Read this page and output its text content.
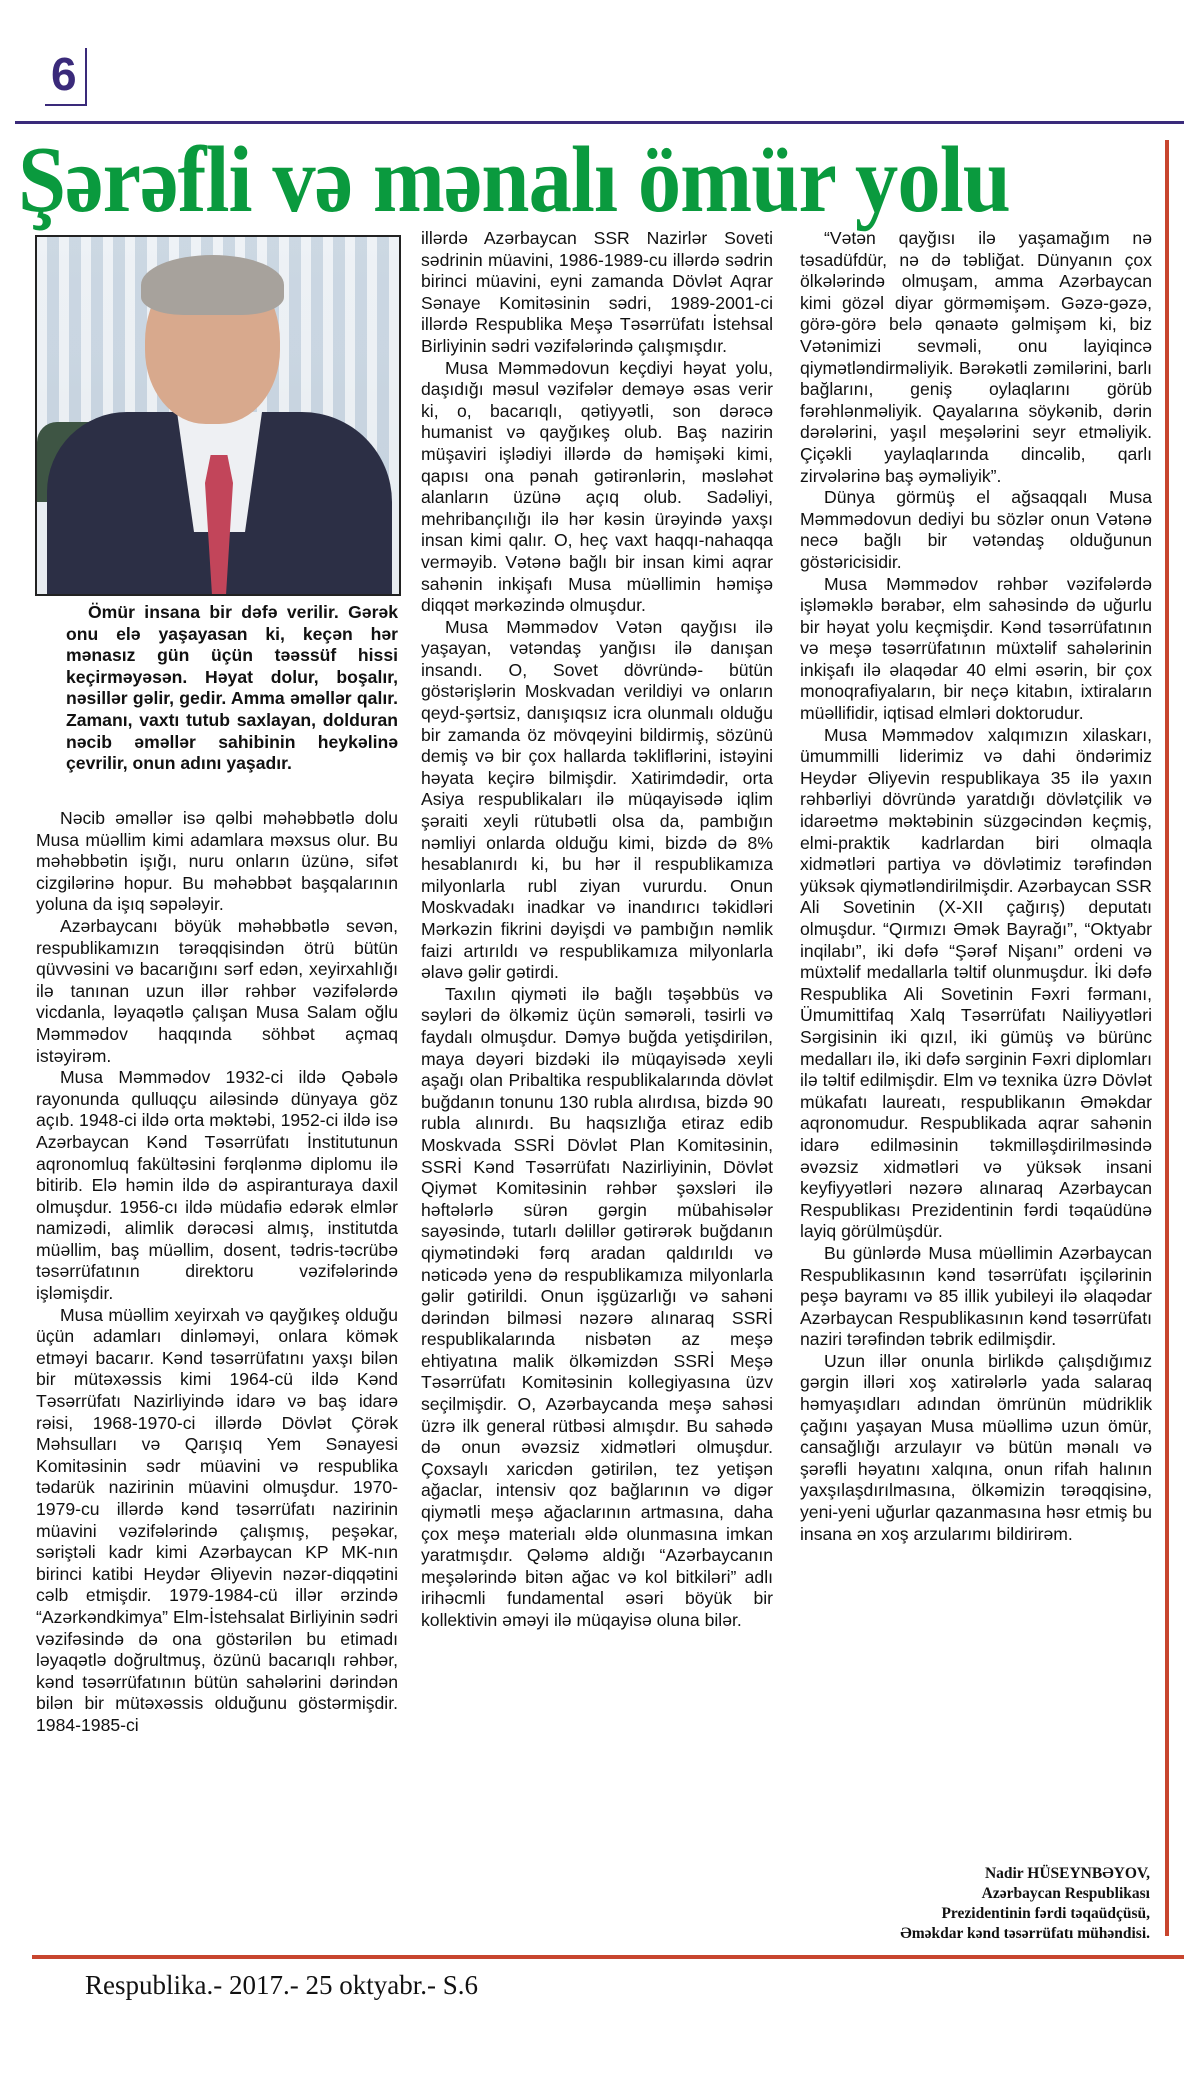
6
Şərəfli və mənalı ömür yolu

Ömür insana bir dəfə verilir. Gərək onu elə yaşayasan ki, keçən hər mənasız gün üçün təəssüf hissi keçirməyəsən. Həyat dolur, boşalır, nəsillər gəlir, gedir. Amma əməllər qalır. Zamanı, vaxtı tutub saxlayan, dolduran nəcib əməllər sahibinin heykəlinə çevrilir, onun adını yaşadır.

Nəcib əməllər isə qəlbi məhəbbətlə dolu Musa müəllim kimi adamlara məxsus olur. Bu məhəbbətin işığı, nuru onların üzünə, sifət cizgilərinə hopur. Bu məhəbbət başqalarının yoluna da işıq səpələyir.

Azərbaycanı böyük məhəbbətlə sevən, respublikamızın tərəqqisindən ötrü bütün qüvvəsini və bacarığını sərf edən, xeyirxahlığı ilə tanınan uzun illər rəhbər vəzifələrdə vicdanla, ləyaqətlə çalışan Musa Salam oğlu Məmmədov haqqında söhbət açmaq istəyirəm.

Musa Məmmədov 1932-ci ildə Qəbələ rayonunda qulluqçu ailəsində dünyaya göz açıb. 1948-ci ildə orta məktəbi, 1952-ci ildə isə Azərbaycan Kənd Təsərrüfatı İnstitutunun aqronomluq fakültəsini fərqlənmə diplomu ilə bitirib. Elə həmin ildə də aspiranturaya daxil olmuşdur. 1956-cı ildə müdafiə edərək elmlər namizədi, alimlik dərəcəsi almış, institutda müəllim, baş müəllim, dosent, tədris-təcrübə təsərrüfatının direktoru vəzifələrində işləmişdir.

Musa müəllim xeyirxah və qayğıkeş olduğu üçün adamları dinləməyi, onlara kömək etməyi bacarır. Kənd təsərrüfatını yaxşı bilən bir mütəxəssis kimi 1964-cü ildə Kənd Təsərrüfatı Nazirliyində idarə və baş idarə rəisi, 1968-1970-ci illərdə Dövlət Çörək Məhsulları və Qarışıq Yem Sənayesi Komitəsinin sədr müavini və respublika tədarük nazirinin müavini olmuşdur. 1970-1979-cu illərdə kənd təsərrüfatı nazirinin müavini vəzifələrində çalışmış, peşəkar, səriştəli kadr kimi Azərbaycan KP MK-nın birinci katibi Heydər Əliyevin nəzər-diqqətini cəlb etmişdir. 1979-1984-cü illər ərzində “Azərkəndkimya” Elm-İstehsalat Birliyinin sədri vəzifəsində də ona göstərilən bu etimadı ləyaqətlə doğrultmuş, özünü bacarıqlı rəhbər, kənd təsərrüfatının bütün sahələrini dərindən bilən bir mütəxəssis olduğunu göstərmişdir. 1984-1985-ci

illərdə Azərbaycan SSR Nazirlər Soveti sədrinin müavini, 1986-1989-cu illərdə sədrin birinci müavini, eyni zamanda Dövlət Aqrar Sənaye Komitəsinin sədri, 1989-2001-ci illərdə Respublika Meşə Təsərrüfatı İstehsal Birliyinin sədri vəzifələrində çalışmışdır.

Musa Məmmədovun keçdiyi həyat yolu, daşıdığı məsul vəzifələr deməyə əsas verir ki, o, bacarıqlı, qətiyyətli, son dərəcə humanist və qayğıkeş olub. Baş nazirin müşaviri işlədiyi illərdə də həmişəki kimi, qapısı ona pənah gətirənlərin, məsləhət alanların üzünə açıq olub. Sadəliyi, mehribançılığı ilə hər kəsin ürəyində yaxşı insan kimi qalır. O, heç vaxt haqqı-nahaqqa verməyib. Vətənə bağlı bir insan kimi aqrar sahənin inkişafı Musa müəllimin həmişə diqqət mərkəzində olmuşdur.

Musa Məmmədov Vətən qayğısı ilə yaşayan, vətəndaş yanğısı ilə danışan insandı. O, Sovet dövründə- bütün göstərişlərin Moskvadan verildiyi və onların qeyd-şərtsiz, danışıqsız icra olunmalı olduğu bir zamanda öz mövqeyini bildirmiş, sözünü demiş və bir çox hallarda təkliflərini, istəyini həyata keçirə bilmişdir. Xatirimdədir, orta Asiya respublikaları ilə müqayisədə iqlim şəraiti xeyli rütubətli olsa da, pambığın nəmliyi onlarda olduğu kimi, bizdə də 8% hesablanırdı ki, bu hər il respublikamıza milyonlarla rubl ziyan vururdu. Onun Moskvadakı inadkar və inandırıcı təkidləri Mərkəzin fikrini dəyişdi və pambığın nəmlik faizi artırıldı və respublikamıza milyonlarla əlavə gəlir gətirdi.

Taxılın qiyməti ilə bağlı təşəbbüs və səyləri də ölkəmiz üçün səmərəli, təsirli və faydalı olmuşdur. Dəmyə buğda yetişdirilən, maya dəyəri bizdəki ilə müqayisədə xeyli aşağı olan Pribaltika respublikalarında dövlət buğdanın tonunu 130 rubla alırdısa, bizdə 90 rubla alınırdı. Bu haqsızlığa etiraz edib Moskvada SSRİ Dövlət Plan Komitəsinin, SSRİ Kənd Təsərrüfatı Nazirliyinin, Dövlət Qiymət Komitəsinin rəhbər şəxsləri ilə həftələrlə sürən gərgin mübahisələr sayəsində, tutarlı dəlillər gətirərək buğdanın qiymətindəki fərq aradan qaldırıldı və nəticədə yenə də respublikamıza milyonlarla gəlir gətirildi. Onun işgüzarlığı və sahəni dərindən bilməsi nəzərə alınaraq SSRİ respublikalarında nisbətən az meşə ehtiyatına malik ölkəmizdən SSRİ Meşə Təsərrüfatı Komitəsinin kollegiyasına üzv seçilmişdir. O, Azərbaycanda meşə sahəsi üzrə ilk general rütbəsi almışdır. Bu sahədə də onun əvəzsiz xidmətləri olmuşdur. Çoxsaylı xaricdən gətirilən, tez yetişən ağaclar, intensiv qoz bağlarının və digər qiymətli meşə ağaclarının artmasına, daha çox meşə materialı əldə olunmasına imkan yaratmışdır. Qələmə aldığı “Azərbaycanın meşələrində bitən ağac və kol bitkiləri” adlı irihəcmli fundamental əsəri böyük bir kollektivin əməyi ilə müqayisə oluna bilər.

“Vətən qayğısı ilə yaşamağım nə təsadüfdür, nə də təbliğat. Dünyanın çox ölkələrində olmuşam, amma Azərbaycan kimi gözəl diyar görməmişəm. Gəzə-gəzə, görə-görə belə qənaətə gəlmişəm ki, biz Vətənimizi sevməli, onu layiqincə qiymətləndirməliyik. Bərəkətli zəmilərini, barlı bağlarını, geniş oylaqlarını görüb fərəhlənməliyik. Qayalarına söykənib, dərin dərələrini, yaşıl meşələrini seyr etməliyik. Çiçəkli yaylaqlarında dincəlib, qarlı zirvələrinə baş əyməliyik”.

Dünya görmüş el ağsaqqalı Musa Məmmədovun dediyi bu sözlər onun Vətənə necə bağlı bir vətəndaş olduğunun göstəricisidir.

Musa Məmmədov rəhbər vəzifələrdə işləməklə bərabər, elm sahəsində də uğurlu bir həyat yolu keçmişdir. Kənd təsərrüfatının və meşə təsərrüfatının müxtəlif sahələrinin inkişafı ilə əlaqədar 40 elmi əsərin, bir çox monoqrafiyaların, bir neçə kitabın, ixtiraların müəllifidir, iqtisad elmləri doktorudur.

Musa Məmmədov xalqımızın xilaskarı, ümummilli liderimiz və dahi öndərimiz Heydər Əliyevin respublikaya 35 ilə yaxın rəhbərliyi dövründə yaratdığı dövlətçilik və idarəetmə məktəbinin süzgəcindən keçmiş, elmi-praktik kadrlardan biri olmaqla xidmətləri partiya və dövlətimiz tərəfindən yüksək qiymətləndirilmişdir. Azərbaycan SSR Ali Sovetinin (X-XII çağırış) deputatı olmuşdur. “Qırmızı Əmək Bayrağı”, “Oktyabr inqilabı”, iki dəfə “Şərəf Nişanı” ordeni və müxtəlif medallarla təltif olunmuşdur. İki dəfə Respublika Ali Sovetinin Fəxri fərmanı, Ümumittifaq Xalq Təsərrüfatı Nailiyyətləri Sərgisinin iki qızıl, iki gümüş və bürünc medalları ilə, iki dəfə sərginin Fəxri diplomları ilə təltif edilmişdir. Elm və texnika üzrə Dövlət mükafatı laureatı, respublikanın Əməkdar aqronomudur. Respublikada aqrar sahənin idarə edilməsinin təkmilləşdirilməsində əvəzsiz xidmətləri və yüksək insani keyfiyyətləri nəzərə alınaraq Azərbaycan Respublikası Prezidentinin fərdi təqaüdünə layiq görülmüşdür.

Bu günlərdə Musa müəllimin Azərbaycan Respublikasının kənd təsərrüfatı işçilərinin peşə bayramı və 85 illik yubileyi ilə əlaqədar Azərbaycan Respublikasının kənd təsərrüfatı naziri tərəfindən təbrik edilmişdir.

Uzun illər onunla birlikdə çalışdığımız gərgin illəri xoş xatirələrlə yada salaraq həmyaşıdları adından ömrünün müdriklik çağını yaşayan Musa müəllimə uzun ömür, cansağlığı arzulayır və bütün mənalı və şərəfli həyatını xalqına, onun rifah halının yaxşılaşdırılmasına, ölkəmizin tərəqqisinə, yeni-yeni uğurlar qazanmasına həsr etmiş bu insana ən xoş arzularımı bildirirəm.

Nadir HÜSEYNBƏYOV,
Azərbaycan Respublikası
Prezidentinin fərdi təqaüdçüsü,
Əməkdar kənd təsərrüfatı mühəndisi.
Respublika.- 2017.- 25 oktyabr.- S.6
